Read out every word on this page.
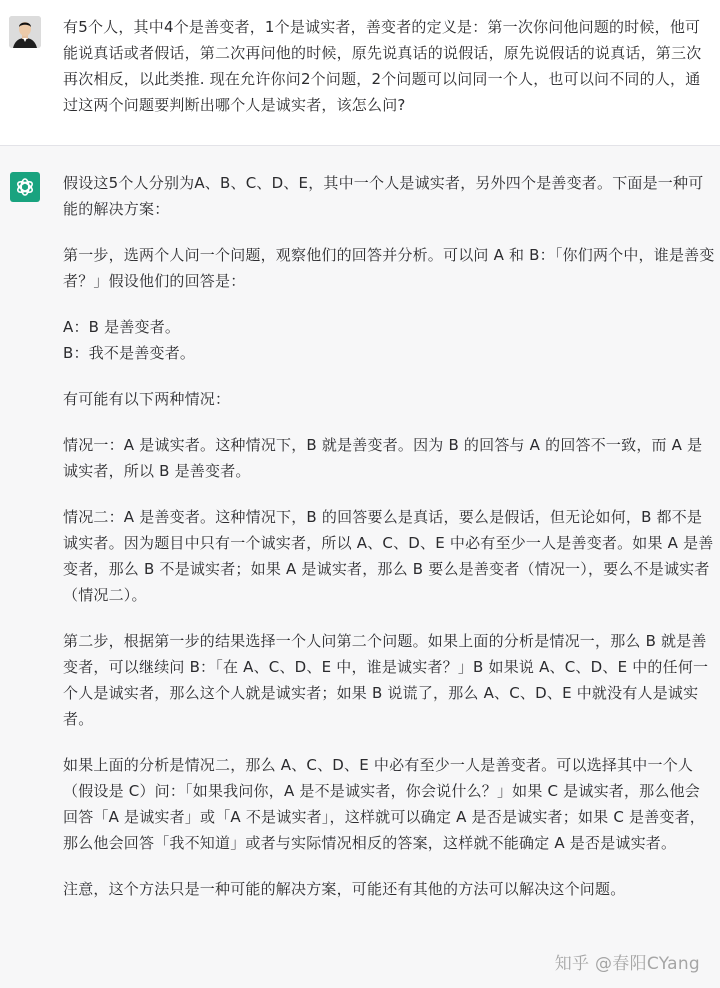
有5个人，其中4个是善变者，1个是诚实者，善变者的定义是：第一次你问他问题的时候，他可能说真话或者假话，第二次再问他的时候，原先说真话的说假话，原先说假话的说真话，第三次再次相反，以此类推. 现在允许你问2个问题，2个问题可以问同一个人，也可以问不同的人，通过这两个问题要判断出哪个人是诚实者，该怎么问?

假设这5个人分别为A、B、C、D、E，其中一个人是诚实者，另外四个是善变者。下面是一种可能的解决方案：

第一步，选两个人问一个问题，观察他们的回答并分析。可以问 A 和 B：「你们两个中，谁是善变者？」假设他们的回答是：

A：B 是善变者。

B：我不是善变者。

有可能有以下两种情况：

情况一：A 是诚实者。这种情况下，B 就是善变者。因为 B 的回答与 A 的回答不一致，而 A 是诚实者，所以 B 是善变者。

情况二：A 是善变者。这种情况下，B 的回答要么是真话，要么是假话，但无论如何，B 都不是诚实者。因为题目中只有一个诚实者，所以 A、C、D、E 中必有至少一人是善变者。如果 A 是善变者，那么 B 不是诚实者；如果 A 是诚实者，那么 B 要么是善变者（情况一），要么不是诚实者（情况二）。

第二步，根据第一步的结果选择一个人问第二个问题。如果上面的分析是情况一，那么 B 就是善变者，可以继续问 B：「在 A、C、D、E 中，谁是诚实者？」B 如果说 A、C、D、E 中的任何一个人是诚实者，那么这个人就是诚实者；如果 B 说谎了，那么 A、C、D、E 中就没有人是诚实者。

如果上面的分析是情况二，那么 A、C、D、E 中必有至少一人是善变者。可以选择其中一个人（假设是 C）问：「如果我问你，A 是不是诚实者，你会说什么？」如果 C 是诚实者，那么他会回答「A 是诚实者」或「A 不是诚实者」，这样就可以确定 A 是否是诚实者；如果 C 是善变者，那么他会回答「我不知道」或者与实际情况相反的答案，这样就不能确定 A 是否是诚实者。

注意，这个方法只是一种可能的解决方案，可能还有其他的方法可以解决这个问题。

知乎 @春阳CYang
